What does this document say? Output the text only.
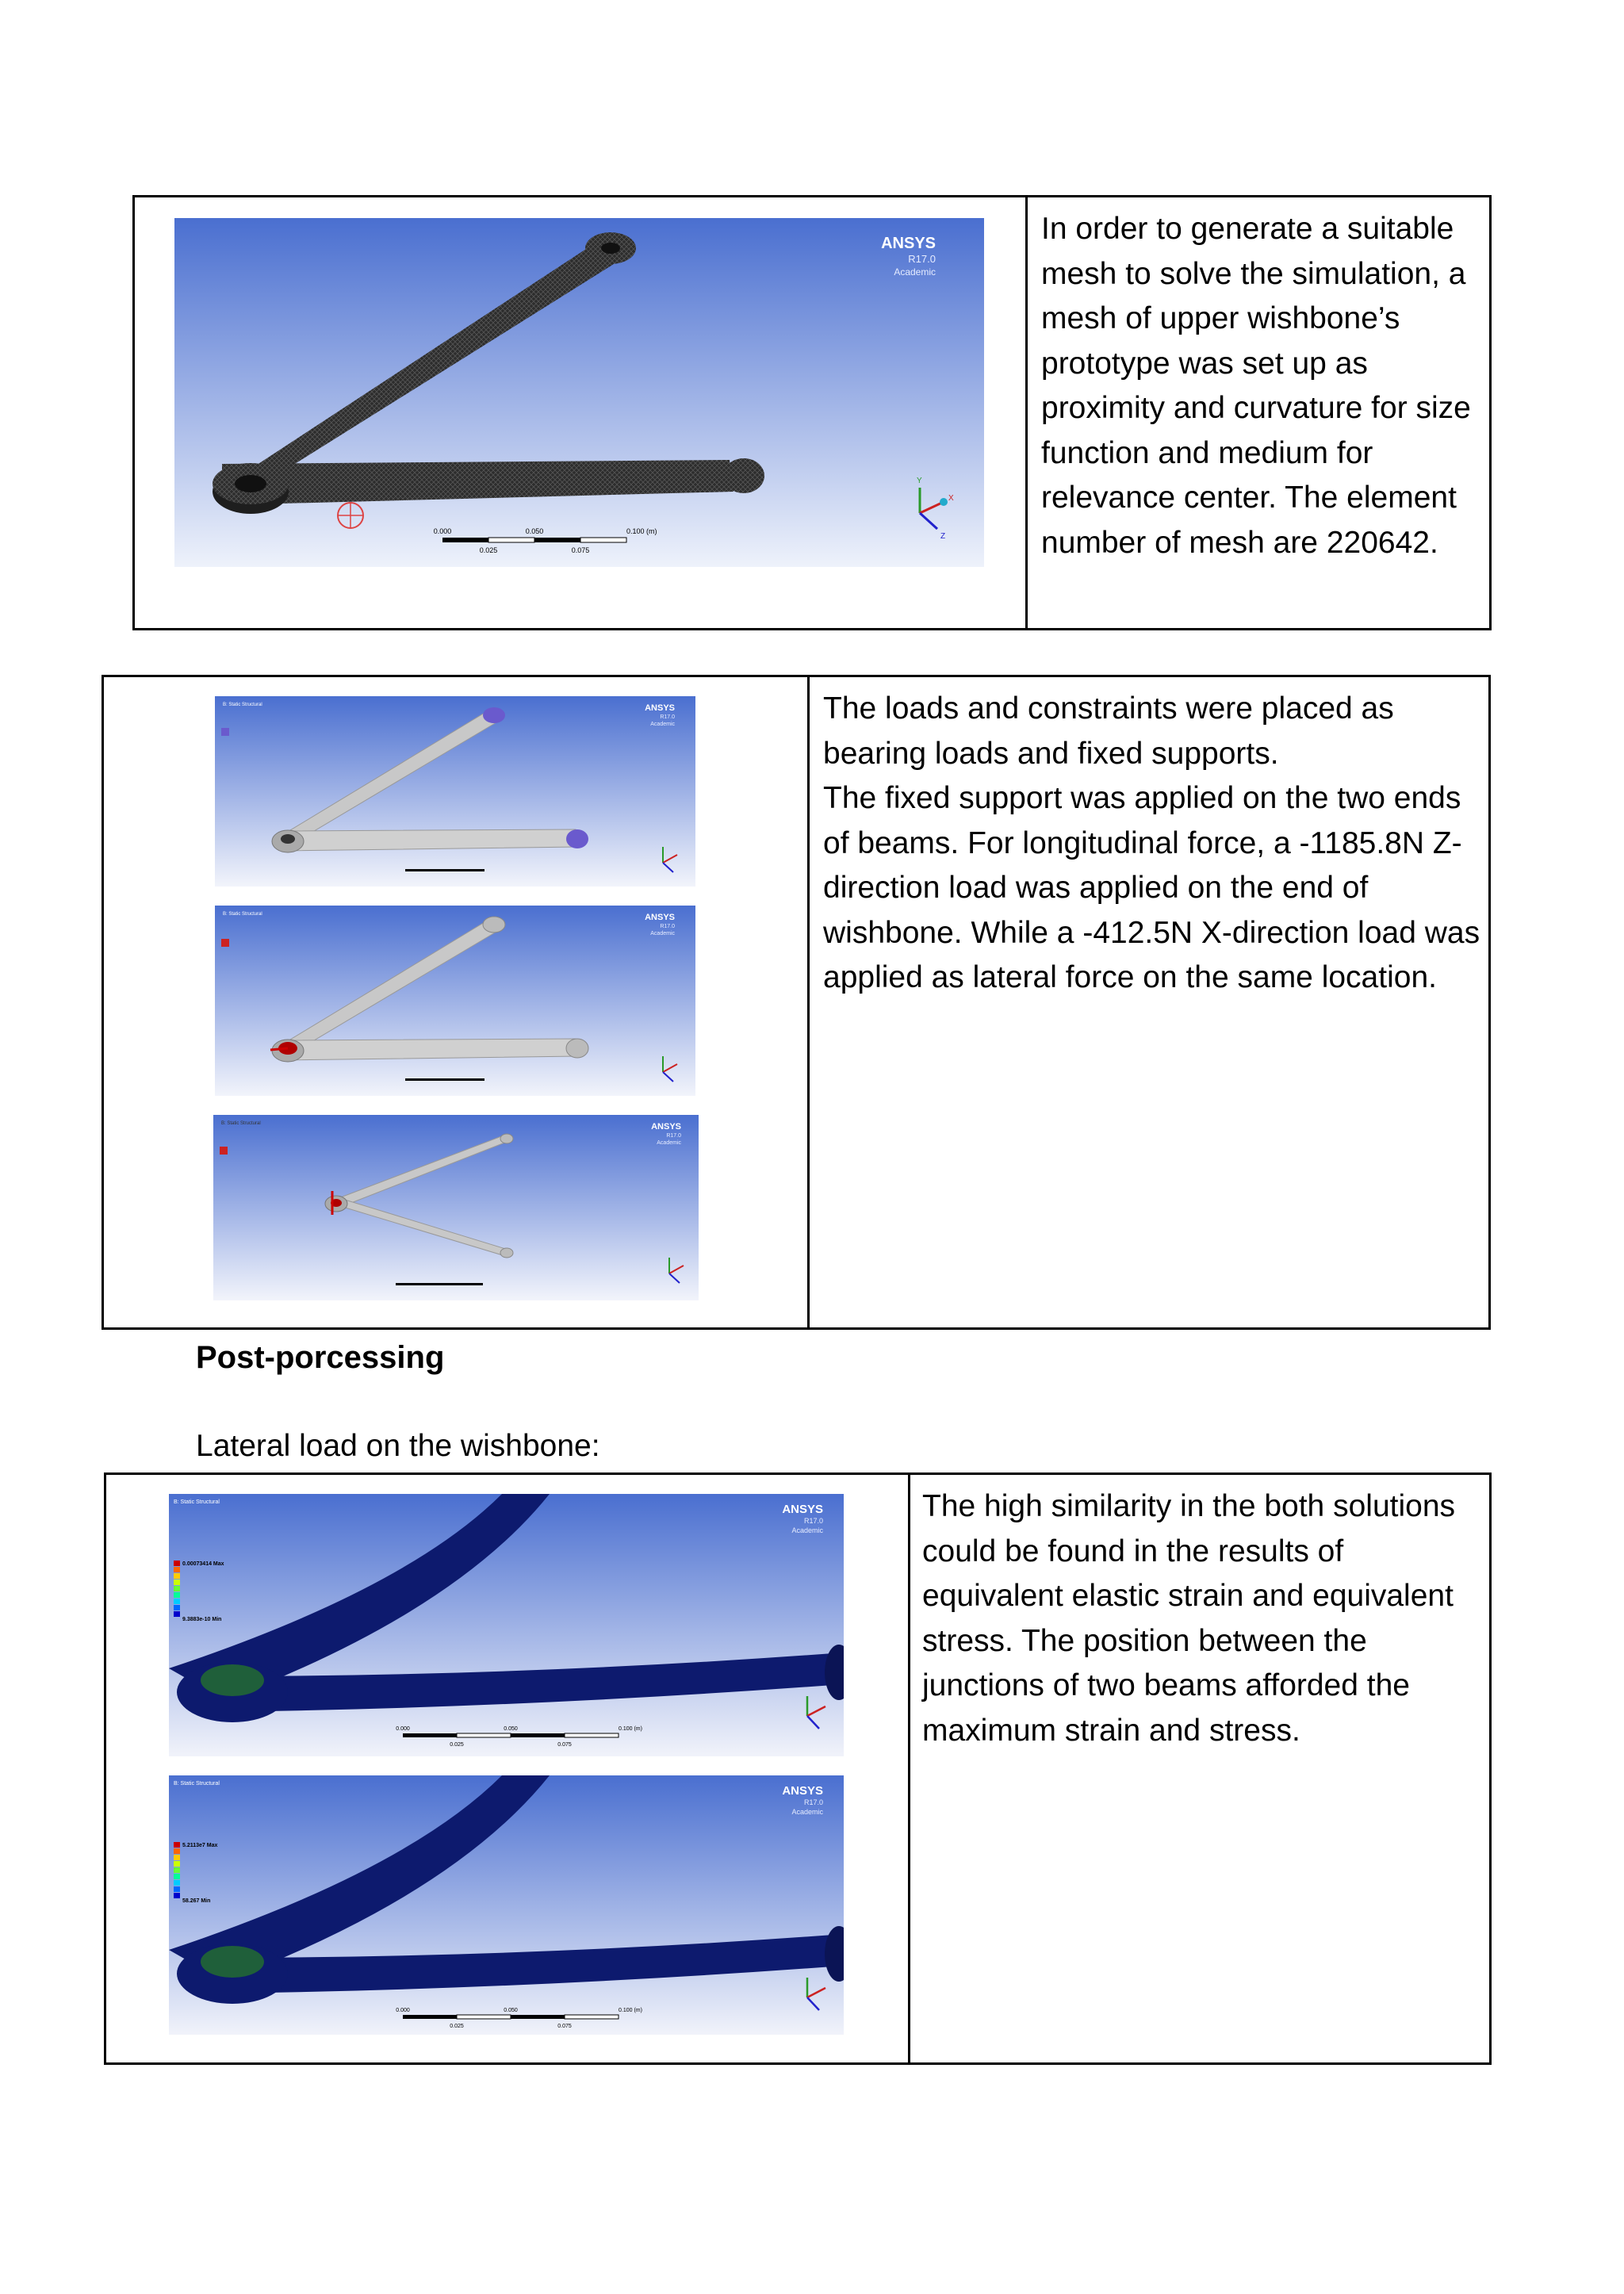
ANSYS
R17.0
Academic
Y
X
Z
0.000	0.050	0.100 (m)
0.025	0.075
In order to generate a suitable mesh to solve the simulation, a mesh of upper wishbone’s prototype was set up as proximity and curvature for size function and medium for relevance center. The element number of mesh are 220642.
B: Static Structural	ANSYS
R17.0
Academic
B: Static Structural	ANSYS
R17.0
Academic
B: Static Structural	ANSYS
R17.0
Academic
The loads and constraints were placed as bearing loads and fixed supports.
The fixed support was applied on the two ends of beams. For longitudinal force, a -1185.8N Z-direction load was applied on the end of wishbone. While a -412.5N X-direction load was applied as lateral force on the same location.
Post-porcessing
Lateral load on the wishbone:
B: Static Structural
0.00073414 Max
9.3883e-10 Min
ANSYS
R17.0
Academic
0.000	0.050	0.100 (m)
0.025	0.075
B: Static Structural
5.2113e7 Max
58.267 Min
ANSYS
R17.0
Academic
0.000	0.050	0.100 (m)
0.025	0.075
The high similarity in the both solutions could be found in the results of equivalent elastic strain and equivalent stress. The position between the junctions of two beams afforded the maximum strain and stress.
